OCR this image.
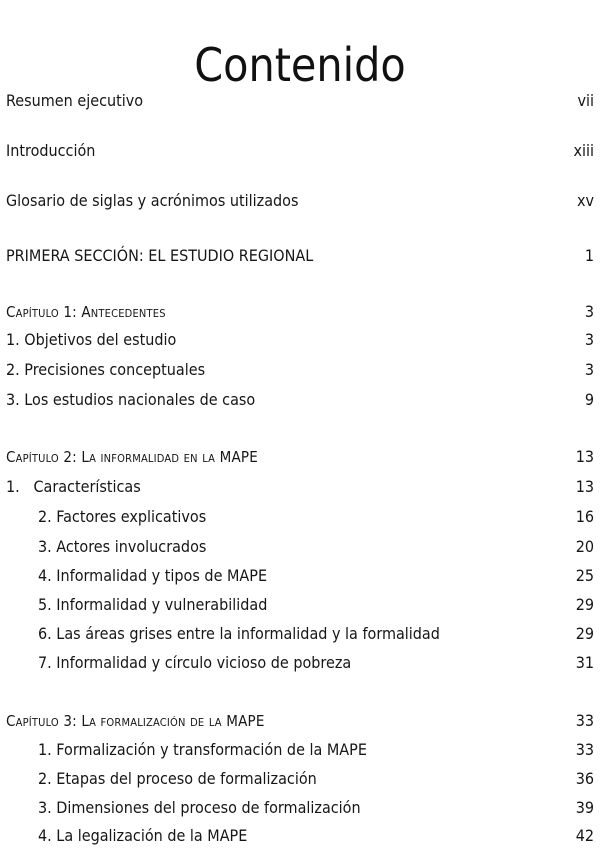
Contenido
Resumen ejecutivo	vii
Introducción	xiii
Glosario de siglas y acrónimos utilizados	xv
PRIMERA SECCIÓN: EL ESTUDIO REGIONAL	1
Capítulo 1: Antecedentes	3
1. Objetivos del estudio	3
2. Precisiones conceptuales	3
3. Los estudios nacionales de caso	9
Capítulo 2: La informalidad en la MAPE	13
1.   Características	13
2. Factores explicativos	16
3. Actores involucrados	20
4. Informalidad y tipos de MAPE	25
5. Informalidad y vulnerabilidad	29
6. Las áreas grises entre la informalidad y la formalidad	29
7. Informalidad y círculo vicioso de pobreza	31
Capítulo 3: La formalización de la MAPE	33
1. Formalización y transformación de la MAPE	33
2. Etapas del proceso de formalización	36
3. Dimensiones del proceso de formalización	39
4. La legalización de la MAPE	42
